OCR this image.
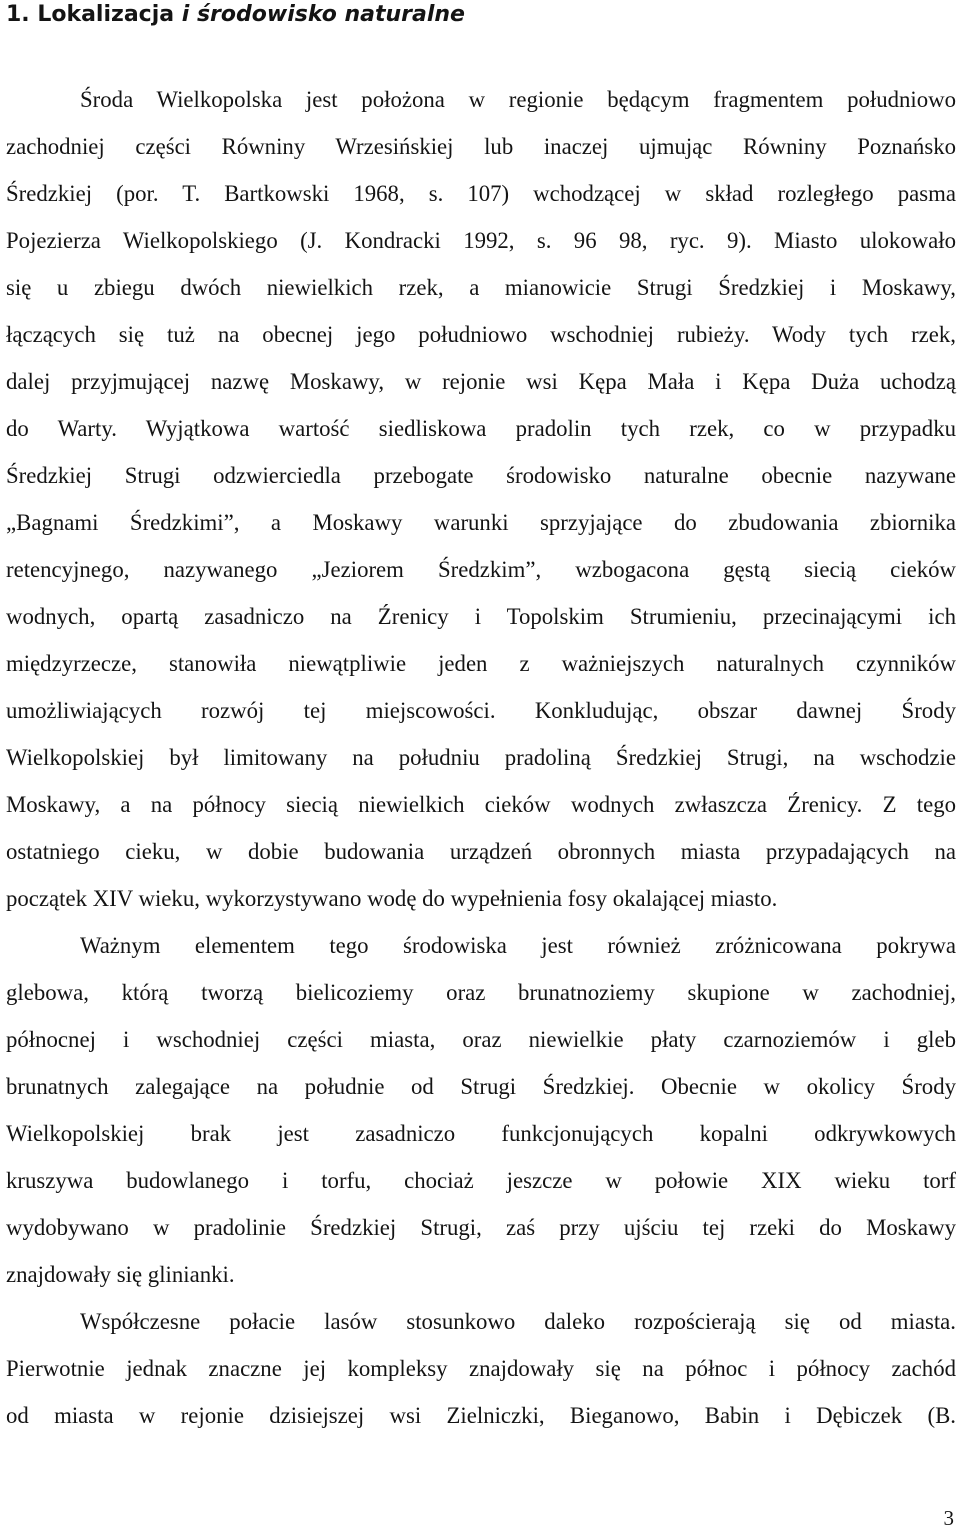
1. Lokalizacja i środowisko naturalne
Środa Wielkopolska jest położona w regionie będącym fragmentem południowo
zachodniej części Równiny Wrzesińskiej lub inaczej ujmując Równiny Poznańsko
Średzkiej (por. T. Bartkowski 1968, s. 107) wchodzącej w skład rozległego pasma
Pojezierza Wielkopolskiego (J. Kondracki 1992, s. 96 98, ryc. 9). Miasto ulokowało
się u zbiegu dwóch niewielkich rzek, a mianowicie Strugi Średzkiej i Moskawy,
łączących się tuż na obecnej jego południowo wschodniej rubieży. Wody tych rzek,
dalej przyjmującej nazwę Moskawy, w rejonie wsi Kępa Mała i Kępa Duża uchodzą
do Warty. Wyjątkowa wartość siedliskowa pradolin tych rzek, co w przypadku
Średzkiej Strugi odzwierciedla przebogate środowisko naturalne obecnie nazywane
„Bagnami Średzkimi”, a Moskawy warunki sprzyjające do zbudowania zbiornika
retencyjnego, nazywanego „Jeziorem Średzkim”, wzbogacona gęstą siecią cieków
wodnych, opartą zasadniczo na Źrenicy i Topolskim Strumieniu, przecinającymi ich
międzyrzecze, stanowiła niewątpliwie jeden z ważniejszych naturalnych czynników
umożliwiających rozwój tej miejscowości. Konkludując, obszar dawnej Środy
Wielkopolskiej był limitowany na południu pradoliną Średzkiej Strugi, na wschodzie
Moskawy, a na północy siecią niewielkich cieków wodnych zwłaszcza Źrenicy. Z tego
ostatniego cieku, w dobie budowania urządzeń obronnych miasta przypadających na
początek XIV wieku, wykorzystywano wodę do wypełnienia fosy okalającej miasto.
Ważnym elementem tego środowiska jest również zróżnicowana pokrywa
glebowa, którą tworzą bielicoziemy oraz brunatnoziemy skupione w zachodniej,
północnej i wschodniej części miasta, oraz niewielkie płaty czarnoziemów i gleb
brunatnych zalegające na południe od Strugi Średzkiej. Obecnie w okolicy Środy
Wielkopolskiej brak jest zasadniczo funkcjonujących kopalni odkrywkowych
kruszywa budowlanego i torfu, chociaż jeszcze w połowie XIX wieku torf
wydobywano w pradolinie Średzkiej Strugi, zaś przy ujściu tej rzeki do Moskawy
znajdowały się glinianki.
Współczesne połacie lasów stosunkowo daleko rozpościerają się od miasta.
Pierwotnie jednak znaczne jej kompleksy znajdowały się na północ i północy zachód
od miasta w rejonie dzisiejszej wsi Zielniczki, Bieganowo, Babin i Dębiczek (B.
3
